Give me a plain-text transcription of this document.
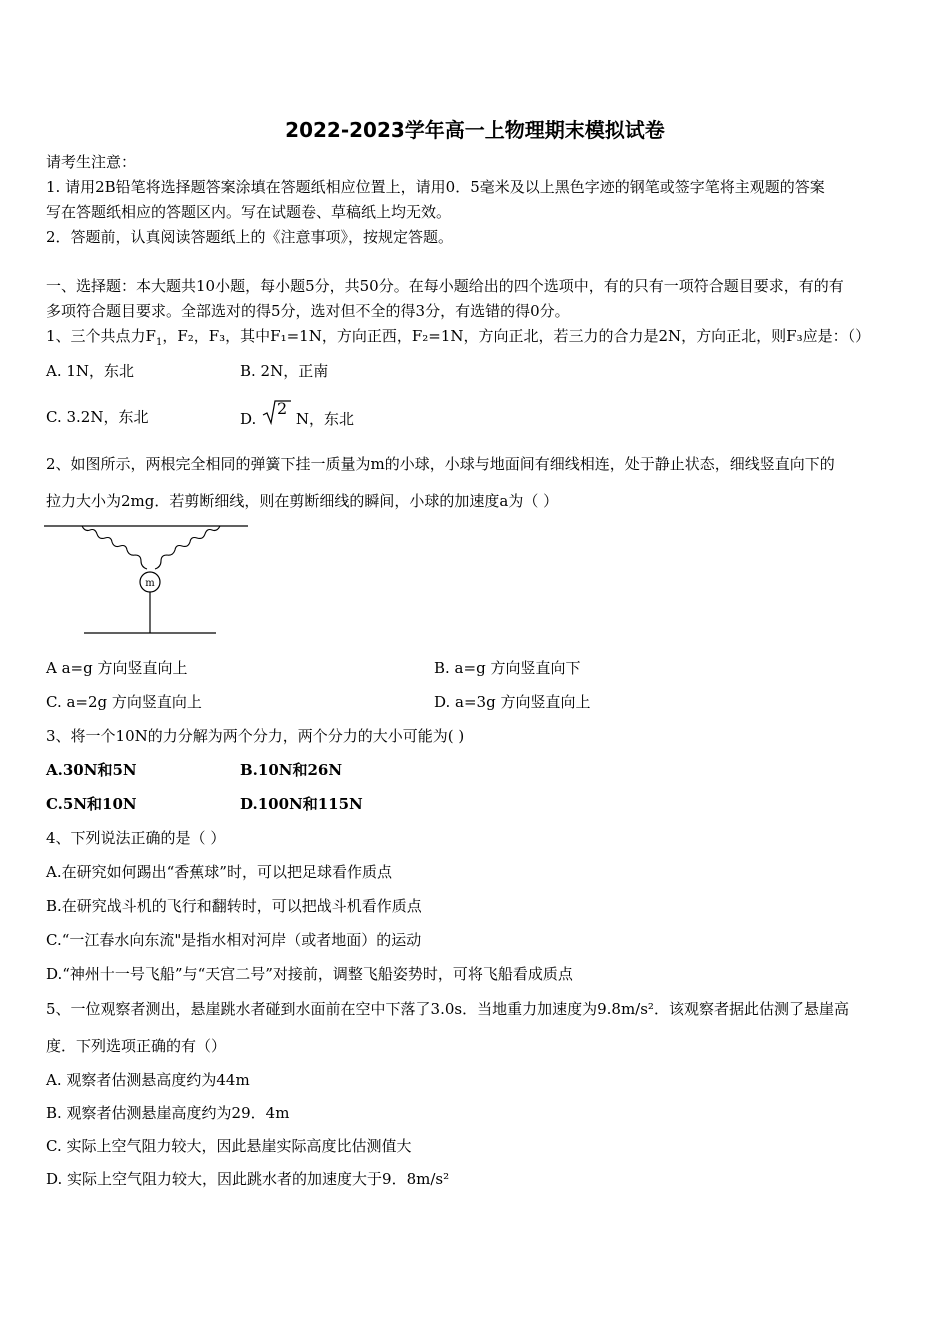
2022-2023学年高一上物理期末模拟试卷
请考生注意：
1. 请用2B铅笔将选择题答案涂填在答题纸相应位置上，请用0．5毫米及以上黑色字迹的钢笔或签字笔将主观题的答案
写在答题纸相应的答题区内。写在试题卷、草稿纸上均无效。
2．答题前，认真阅读答题纸上的《注意事项》，按规定答题。
一、选择题：本大题共10小题，每小题5分，共50分。在每小题给出的四个选项中，有的只有一项符合题目要求，有的有
多项符合题目要求。全部选对的得5分，选对但不全的得3分，有选错的得0分。
1、三个共点力$F_1$，F₂，F₃，其中F₁=1N，方向正西，F₂=1N，方向正北，若三力的合力是2N，方向正北，则F₃应是：（）
A. 1N，东北	B. 2N，正南
C. 3.2N，东北	D.
2
N，东北
2、如图所示，两根完全相同的弹簧下挂一质量为m的小球，小球与地面间有细线相连，处于静止状态，细线竖直向下的
拉力大小为2mg．若剪断细线，则在剪断细线的瞬间，小球的加速度a为（ ）
m
A a=g 方向竖直向上	B. a=g 方向竖直向下
C. a=2g 方向竖直向上	D. a=3g 方向竖直向上
3、将一个10N的力分解为两个分力，两个分力的大小可能为( )
A.30N和5N	B.10N和26N
C.5N和10N	D.100N和115N
4、下列说法正确的是（ ）
A.在研究如何踢出“香蕉球”时，可以把足球看作质点
B.在研究战斗机的飞行和翻转时，可以把战斗机看作质点
C.“一江春水向东流"是指水相对河岸（或者地面）的运动
D.“神州十一号飞船”与“天宫二号”对接前，调整飞船姿势时，可将飞船看成质点
5、一位观察者测出，悬崖跳水者碰到水面前在空中下落了3.0s．当地重力加速度为9.8m/s²．该观察者据此估测了悬崖高
度．下列选项正确的有（）
A. 观察者估测悬高度约为44m
B. 观察者估测悬崖高度约为29．4m
C. 实际上空气阻力较大，因此悬崖实际高度比估测值大
D. 实际上空气阻力较大，因此跳水者的加速度大于9．8m/s²
